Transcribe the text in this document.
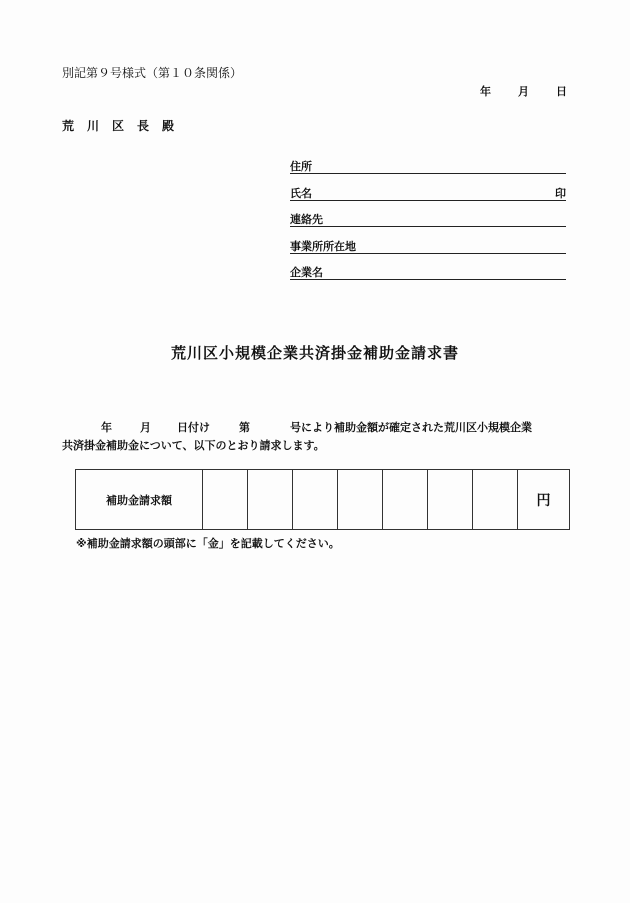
別記第９号様式（第１０条関係）
年 月 日
荒川区長殿
住所
氏名	印
連絡先
事業所所在地
企業名
荒川区小規模企業共済掛金補助金請求書
年	月 日付け	第	号により補助金額が確定された荒川区小規模企業
共済掛金補助金について、以下のとおり請求します。
補助金請求額								円
※補助金請求額の頭部に「金」を記載してください。
